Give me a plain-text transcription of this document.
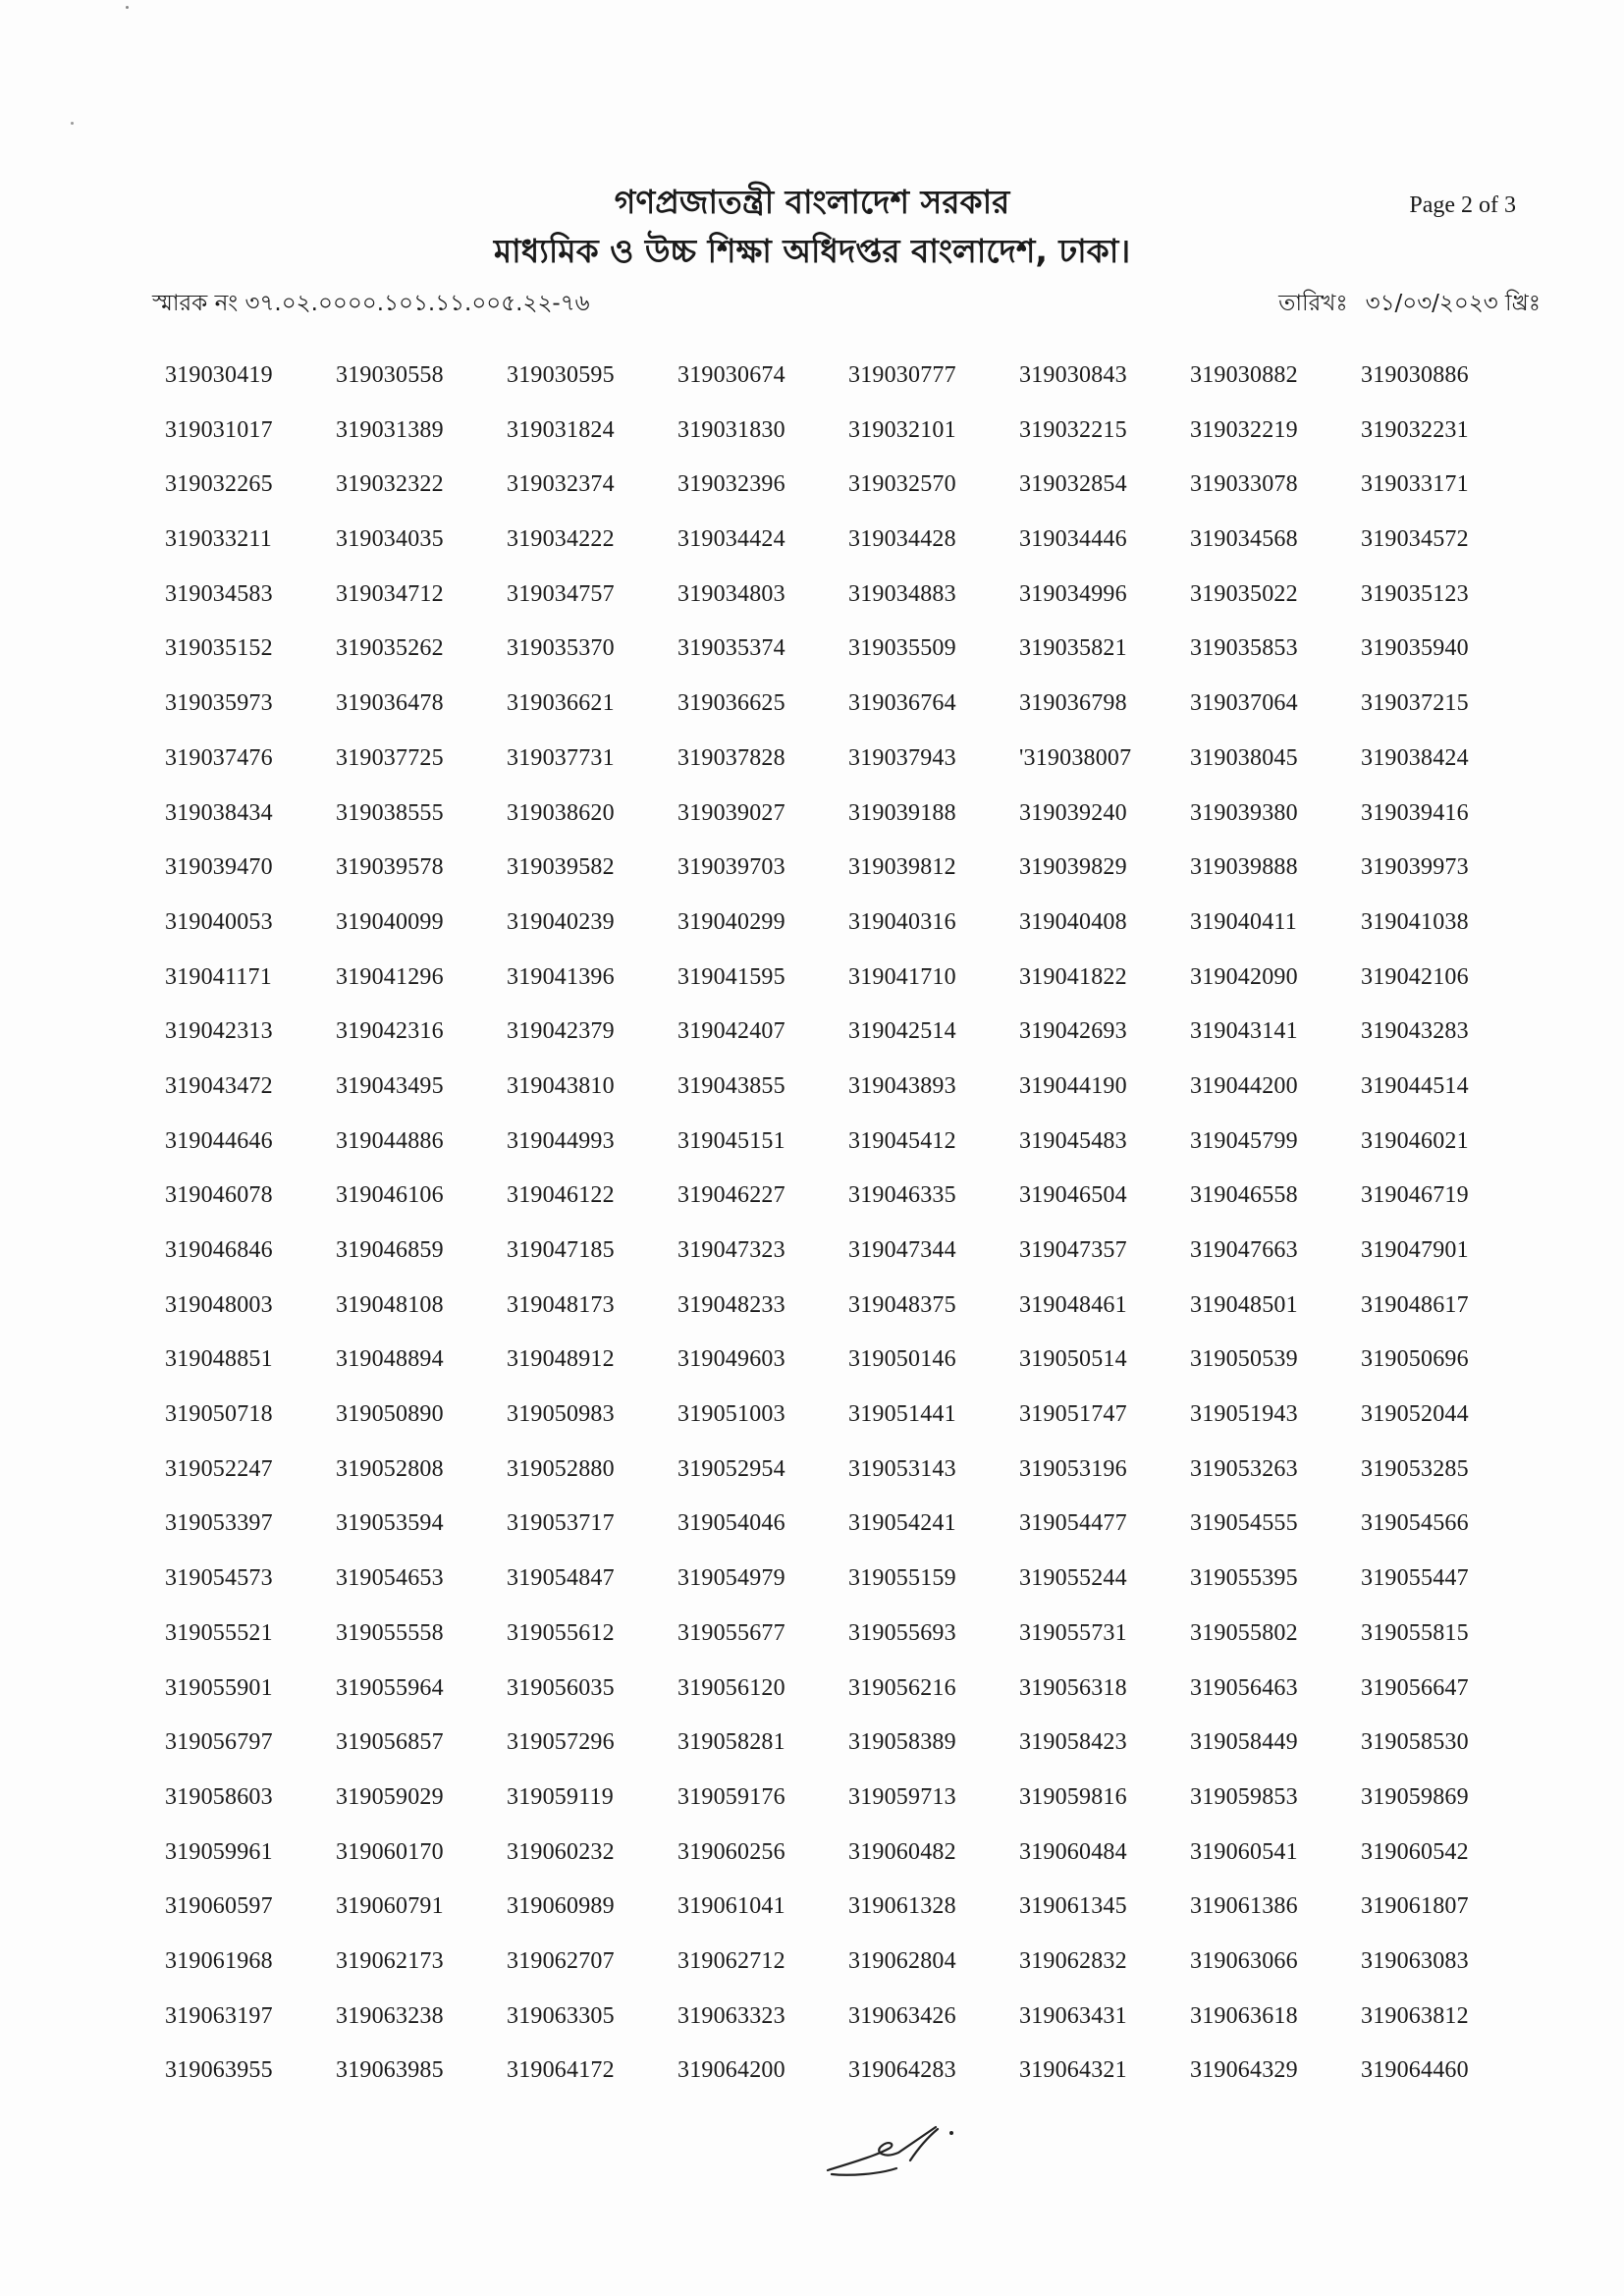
গণপ্রজাতন্ত্রী বাংলাদেশ সরকার
মাধ্যমিক ও উচ্চ শিক্ষা অধিদপ্তর বাংলাদেশ, ঢাকা।
Page 2 of 3
স্মারক নং ৩৭.০২.০০০০.১০১.১১.০০৫.২২-৭৬	তারিখঃ ৩১/০৩/২০২৩ খ্রিঃ
319030419	319030558	319030595	319030674	319030777	319030843	319030882	319030886
319031017	319031389	319031824	319031830	319032101	319032215	319032219	319032231
319032265	319032322	319032374	319032396	319032570	319032854	319033078	319033171
319033211	319034035	319034222	319034424	319034428	319034446	319034568	319034572
319034583	319034712	319034757	319034803	319034883	319034996	319035022	319035123
319035152	319035262	319035370	319035374	319035509	319035821	319035853	319035940
319035973	319036478	319036621	319036625	319036764	319036798	319037064	319037215
319037476	319037725	319037731	319037828	319037943	'319038007	319038045	319038424
319038434	319038555	319038620	319039027	319039188	319039240	319039380	319039416
319039470	319039578	319039582	319039703	319039812	319039829	319039888	319039973
319040053	319040099	319040239	319040299	319040316	319040408	319040411	319041038
319041171	319041296	319041396	319041595	319041710	319041822	319042090	319042106
319042313	319042316	319042379	319042407	319042514	319042693	319043141	319043283
319043472	319043495	319043810	319043855	319043893	319044190	319044200	319044514
319044646	319044886	319044993	319045151	319045412	319045483	319045799	319046021
319046078	319046106	319046122	319046227	319046335	319046504	319046558	319046719
319046846	319046859	319047185	319047323	319047344	319047357	319047663	319047901
319048003	319048108	319048173	319048233	319048375	319048461	319048501	319048617
319048851	319048894	319048912	319049603	319050146	319050514	319050539	319050696
319050718	319050890	319050983	319051003	319051441	319051747	319051943	319052044
319052247	319052808	319052880	319052954	319053143	319053196	319053263	319053285
319053397	319053594	319053717	319054046	319054241	319054477	319054555	319054566
319054573	319054653	319054847	319054979	319055159	319055244	319055395	319055447
319055521	319055558	319055612	319055677	319055693	319055731	319055802	319055815
319055901	319055964	319056035	319056120	319056216	319056318	319056463	319056647
319056797	319056857	319057296	319058281	319058389	319058423	319058449	319058530
319058603	319059029	319059119	319059176	319059713	319059816	319059853	319059869
319059961	319060170	319060232	319060256	319060482	319060484	319060541	319060542
319060597	319060791	319060989	319061041	319061328	319061345	319061386	319061807
319061968	319062173	319062707	319062712	319062804	319062832	319063066	319063083
319063197	319063238	319063305	319063323	319063426	319063431	319063618	319063812
319063955	319063985	319064172	319064200	319064283	319064321	319064329	319064460
